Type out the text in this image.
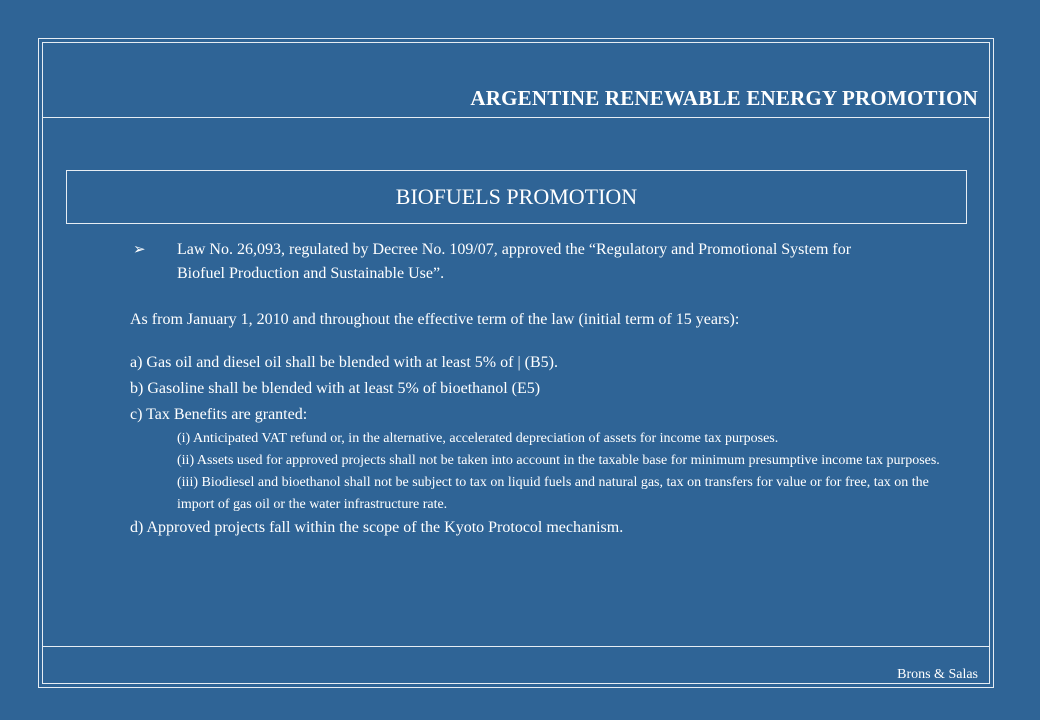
ARGENTINE RENEWABLE ENERGY PROMOTION
BIOFUELS PROMOTION
➢ Law No. 26,093, regulated by Decree No. 109/07, approved the “Regulatory and Promotional System for Biofuel Production and Sustainable Use”.
As from January 1, 2010 and throughout the effective term of the law (initial term of 15 years):
a) Gas oil and diesel oil shall be blended with at least 5% of | (B5).
b) Gasoline shall be blended with at least 5% of bioethanol (E5)
c) Tax Benefits are granted:

(i) Anticipated VAT refund or, in the alternative, accelerated depreciation of assets for income tax purposes.

(ii) Assets used for approved projects shall not be taken into account in the taxable base for minimum presumptive income tax purposes.

(iii) Biodiesel and bioethanol shall not be subject to tax on liquid fuels and natural gas, tax on transfers for value or for free, tax on the import of gas oil or the water infrastructure rate.

d) Approved projects fall within the scope of the Kyoto Protocol mechanism.
Brons & Salas
